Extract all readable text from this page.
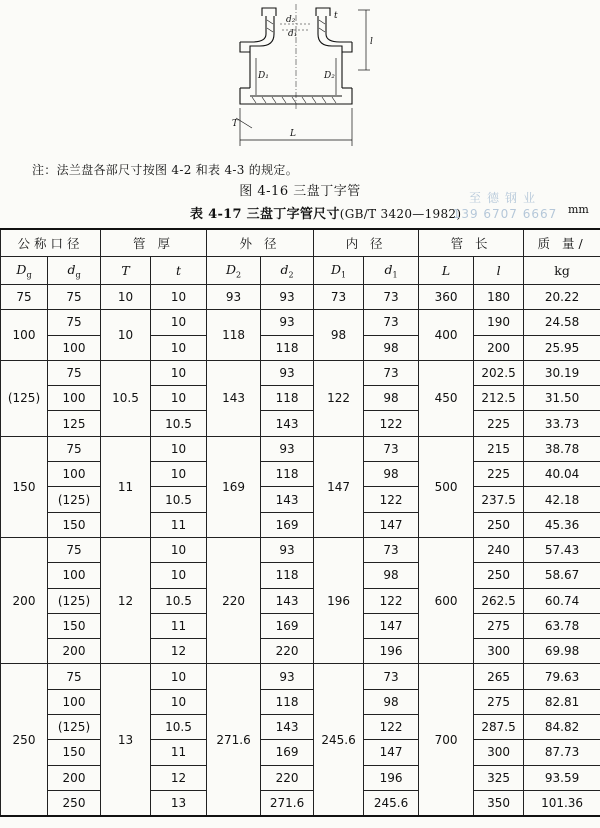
d₂
d₁
t
l
D₁	D₂
T
L
注：法兰盘各部尺寸按图 4-2 和表 4-3 的规定。
图 4-16 三盘丁字管
表 4-17 三盘丁字管尺寸(GB/T 3420—1982)	mm
至德钢业
139 6707 6667
公称口径		管 厚		外 径		内 径		管 长		质 量/
$D_g$	$d_g$	T	t	$D_2$	$d_2$	$D_1$	$d_1$	L	l	kg
75	75	10	10	93	93	73	73	360	180	20.22
100	75	10	10	118	93	98	73	400	190	24.58
	100		10		118		98		200	25.95
(125)	75	10.5	10	143	93	122	73	450	202.5	30.19
	100		10		118		98		212.5	31.50
	125		10.5		143		122		225	33.73
150	75	11	10	169	93	147	73	500	215	38.78
	100		10		118		98		225	40.04
	(125)		10.5		143		122		237.5	42.18
	150		11		169		147		250	45.36
200	75	12	10	220	93	196	73	600	240	57.43
	100		10		118		98		250	58.67
	(125)		10.5		143		122		262.5	60.74
	150		11		169		147		275	63.78
	200		12		220		196		300	69.98
250	75	13	10	271.6	93	245.6	73	700	265	79.63
	100		10		118		98		275	82.81
	(125)		10.5		143		122		287.5	84.82
	150		11		169		147		300	87.73
	200		12		220		196		325	93.59
	250		13		271.6		245.6		350	101.36
